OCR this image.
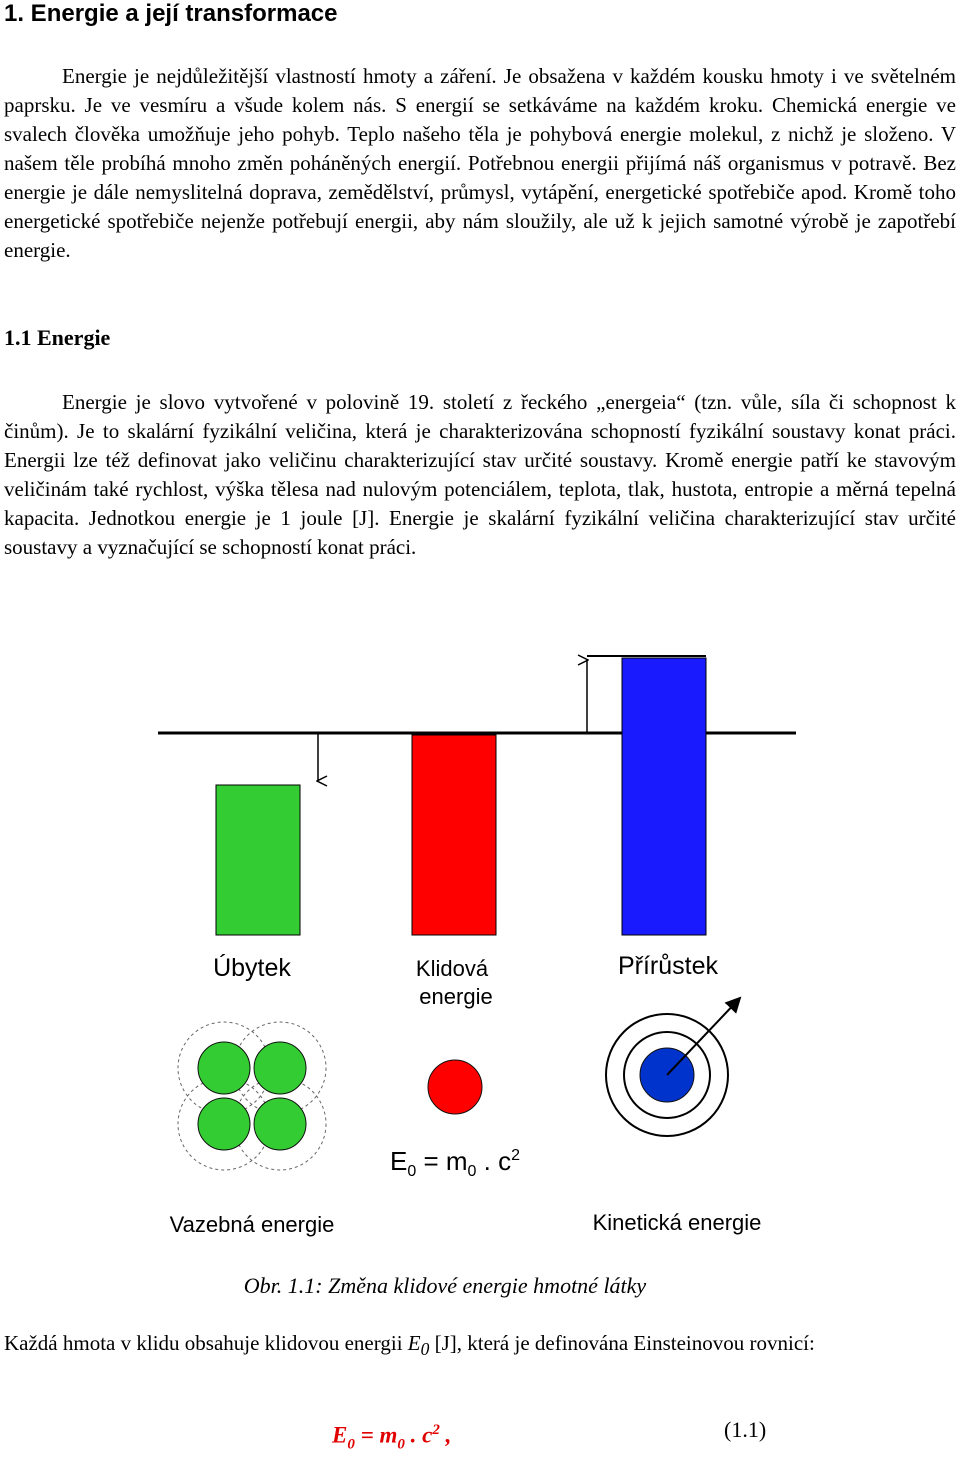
1. Energie a její transformace

Energie je nejdůležitější vlastností hmoty a záření. Je obsažena v každém kousku hmoty i ve světelném paprsku. Je ve vesmíru a všude kolem nás. S energií se setkáváme na každém kroku. Chemická energie ve svalech člověka umožňuje jeho pohyb. Teplo našeho těla je pohybová energie molekul, z nichž je složeno. V našem těle probíhá mnoho změn poháněných energií. Potřebnou energii přijímá náš organismus v potravě. Bez energie je dále nemyslitelná doprava, zemědělství, průmysl, vytápění, energetické spotřebiče apod. Kromě toho energetické spotřebiče nejenže potřebují energii, aby nám sloužily, ale už k jejich samotné výrobě je zapotřebí energie.

1.1 Energie

Energie je slovo vytvořené v polovině 19. století z řeckého „energeia“ (tzn. vůle, síla či schopnost k činům). Je to skalární fyzikální veličina, která je charakterizována schopností fyzikální soustavy konat práci. Energii lze též definovat jako veličinu charakterizující stav určité soustavy. Kromě energie patří ke stavovým veličinám také rychlost, výška tělesa nad nulovým potenciálem, teplota, tlak, hustota, entropie a měrná tepelná kapacita. Jednotkou energie je 1 joule [J]. Energie je skalární fyzikální veličina charakterizující stav určité soustavy a vyznačující se schopností konat práci.

Úbytek	Klidová
energie
Přírůstek
$E_0 = m_0$ . $c^2$
Vazebná energie	Kinetická energie
Obr. 1.1: Změna klidové energie hmotné látky

Každá hmota v klidu obsahuje klidovou energii $E_0$ [J], která je definována Einsteinovou rovnicí:

$E_0 = m_0$ . $c^2$ ,	(1.1)
